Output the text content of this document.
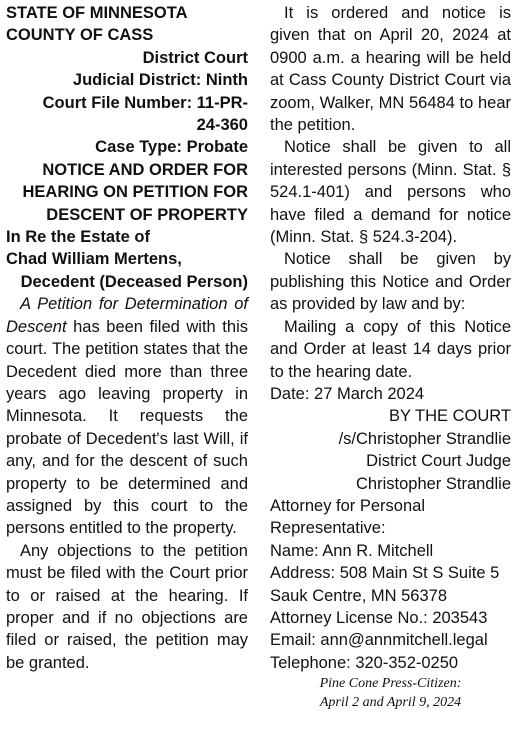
STATE OF MINNESOTA

COUNTY OF CASS

District Court

Judicial District: Ninth

Court File Number: 11-PR-

24-360

Case Type: Probate

NOTICE AND ORDER FOR

HEARING ON PETITION FOR

DESCENT OF PROPERTY

In Re the Estate of

Chad William Mertens,

Decedent (Deceased Person)

A Petition for Determination of Descent has been filed with this court. The petition states that the Decedent died more than three years ago leaving property in Minnesota. It requests the probate of Decedent's last Will, if any, and for the descent of such property to be determined and assigned by this court to the persons entitled to the property.

Any objections to the petition must be filed with the Court prior to or raised at the hearing. If proper and if no objections are filed or raised, the petition may be granted.

It is ordered and notice is given that on April 20, 2024 at 0900 a.m. a hearing will be held at Cass County District Court via zoom, Walker, MN 56484 to hear the petition.

Notice shall be given to all interested persons (Minn. Stat. § 524.1-401) and persons who have filed a demand for notice (Minn. Stat. § 524.3-204).

Notice shall be given by publishing this Notice and Order as provided by law and by:

Mailing a copy of this Notice and Order at least 14 days prior to the hearing date.

Date: 27 March 2024

BY THE COURT

/s/Christopher Strandlie

District Court Judge

Christopher Strandlie

Attorney for Personal Representative:

Name: Ann R. Mitchell

Address: 508 Main St S Suite 5

Sauk Centre, MN 56378

Attorney License No.: 203543

Email: ann@annmitchell.legal

Telephone: 320-352-0250

Pine Cone Press-Citizen:

April 2 and April 9, 2024
